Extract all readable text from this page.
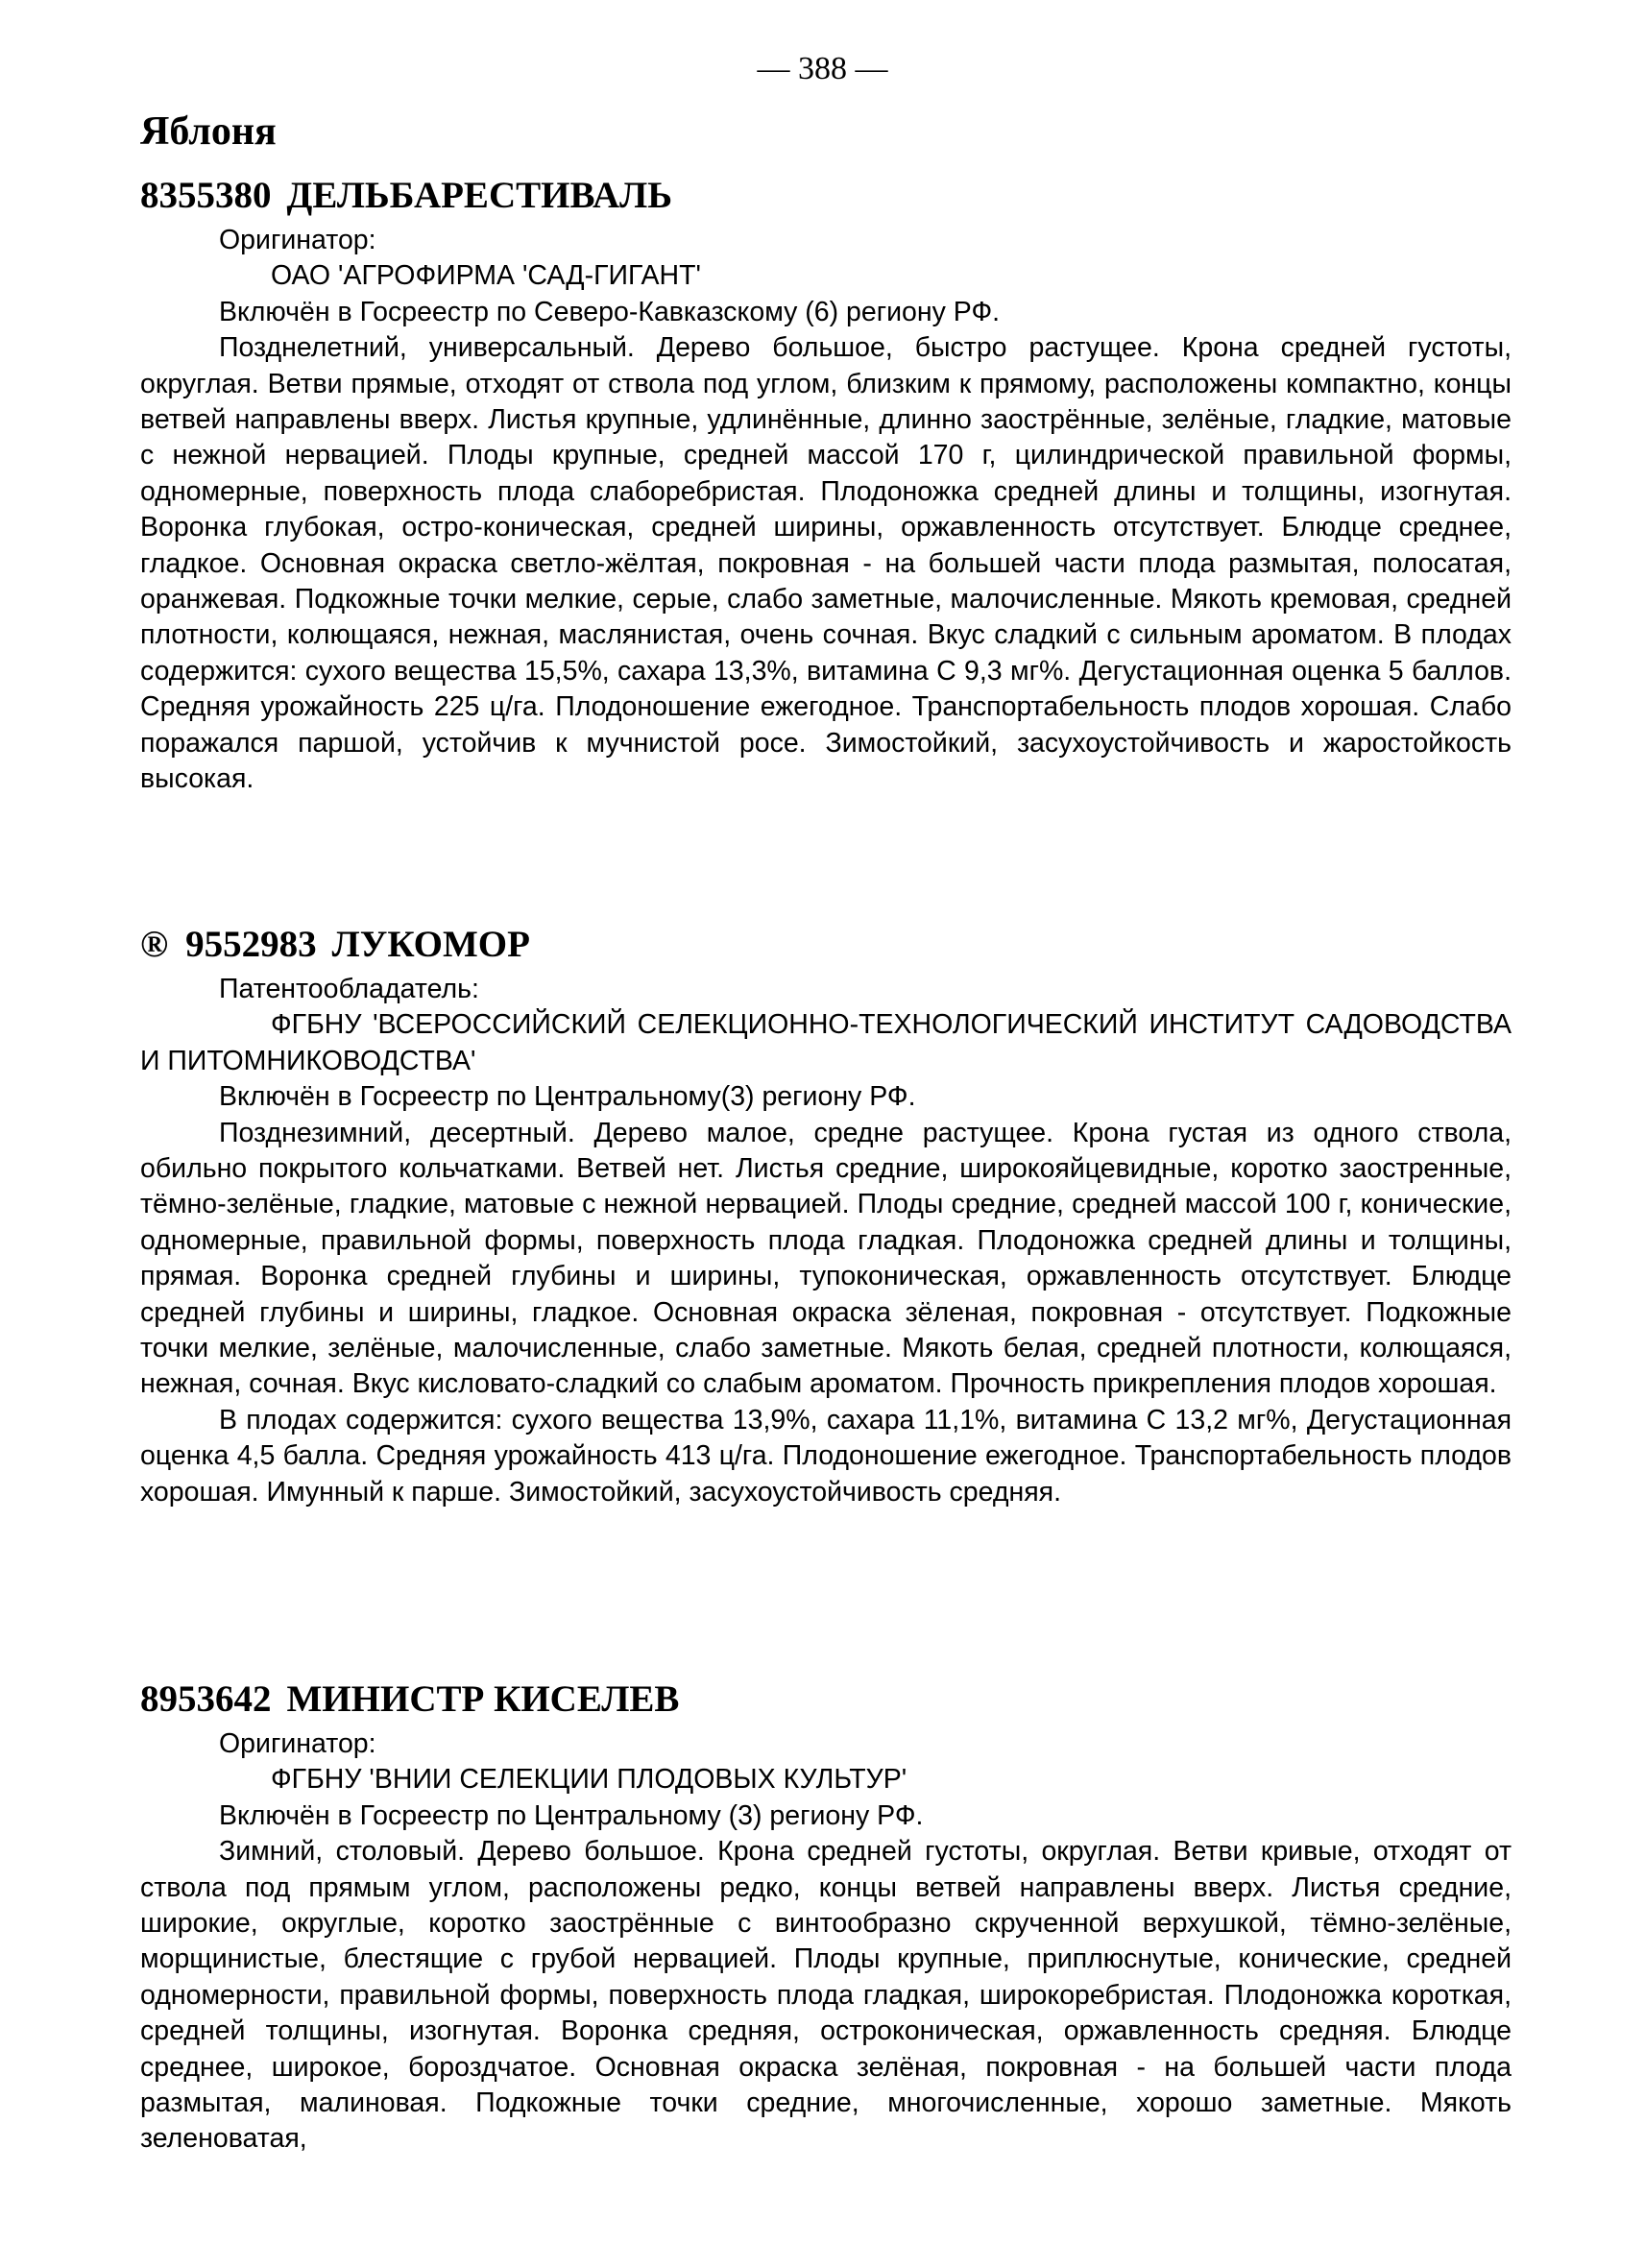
— 388 —
Яблоня
8355380 ДЕЛЬБАРЕСТИВАЛЬ

Оригинатор:

ОАО 'АГРОФИРМА 'САД-ГИГАНТ'

Включён в Госреестр по Северо-Кавказскому (6) региону РФ.

Позднелетний, универсальный. Дерево большое, быстро растущее. Крона средней густоты, округлая. Ветви прямые, отходят от ствола под углом, близким к прямому, расположены компактно, концы ветвей направлены вверх. Листья крупные, удлинённые, длинно заострённые, зелёные, гладкие, матовые с нежной нервацией. Плоды крупные, средней массой 170 г, цилиндрической правильной формы, одномерные, поверхность плода слаборебристая. Плодоножка средней длины и толщины, изогнутая. Воронка глубокая, остро-коническая, средней ширины, оржавленность отсутствует. Блюдце среднее, гладкое. Основная окраска светло-жёлтая, покровная - на большей части плода размытая, полосатая, оранжевая. Подкожные точки мелкие, серые, слабо заметные, малочисленные. Мякоть кремовая, средней плотности, колющаяся, нежная, маслянистая, очень сочная. Вкус сладкий с сильным ароматом. В плодах содержится: сухого вещества 15,5%, сахара 13,3%, витамина С 9,3 мг%. Дегустационная оценка 5 баллов. Средняя урожайность 225 ц/га. Плодоношение ежегодное. Транспортабельность плодов хорошая. Слабо поражался паршой, устойчив к мучнистой росе. Зимостойкий, засухоустойчивость и жаростойкость высокая.

® 9552983 ЛУКОМОР

Патентообладатель:

ФГБНУ 'ВСЕРОССИЙСКИЙ СЕЛЕКЦИОННО-ТЕХНОЛОГИЧЕСКИЙ ИНСТИТУТ САДОВОДСТВА И ПИТОМНИКОВОДСТВА'

Включён в Госреестр по Центральному(3) региону РФ.

Позднезимний, десертный. Дерево малое, средне растущее. Крона густая из одного ствола, обильно покрытого кольчатками. Ветвей нет. Листья средние, широкояйцевидные, коротко заостренные, тёмно-зелёные, гладкие, матовые с нежной нервацией. Плоды средние, средней массой 100 г, конические, одномерные, правильной формы, поверхность плода гладкая. Плодоножка средней длины и толщины, прямая. Воронка средней глубины и ширины, тупоконическая, оржавленность отсутствует. Блюдце средней глубины и ширины, гладкое. Основная окраска зёленая, покровная - отсутствует. Подкожные точки мелкие, зелёные, малочисленные, слабо заметные. Мякоть белая, средней плотности, колющаяся, нежная, сочная. Вкус кисловато-сладкий со слабым ароматом. Прочность прикрепления плодов хорошая.

В плодах содержится: сухого вещества 13,9%, сахара 11,1%, витамина С 13,2 мг%, Дегустационная оценка 4,5 балла. Средняя урожайность 413 ц/га. Плодоношение ежегодное. Транспортабельность плодов хорошая. Имунный к парше. Зимостойкий, засухоустойчивость средняя.

8953642 МИНИСТР КИСЕЛЕВ

Оригинатор:

ФГБНУ 'ВНИИ СЕЛЕКЦИИ ПЛОДОВЫХ КУЛЬТУР'

Включён в Госреестр по Центральному (3) региону РФ.

Зимний, столовый. Дерево большое. Крона средней густоты, округлая. Ветви кривые, отходят от ствола под прямым углом, расположены редко, концы ветвей направлены вверх. Листья средние, широкие, округлые, коротко заострённые с винтообразно скрученной верхушкой, тёмно-зелёные, морщинистые, блестящие с грубой нервацией. Плоды крупные, приплюснутые, конические, средней одномерности, правильной формы, поверхность плода гладкая, широкоребристая. Плодоножка короткая, средней толщины, изогнутая. Воронка средняя, остроконическая, оржавленность средняя. Блюдце среднее, широкое, бороздчатое. Основная окраска зелёная, покровная - на большей части плода размытая, малиновая. Подкожные точки средние, многочисленные, хорошо заметные. Мякоть зеленоватая,
